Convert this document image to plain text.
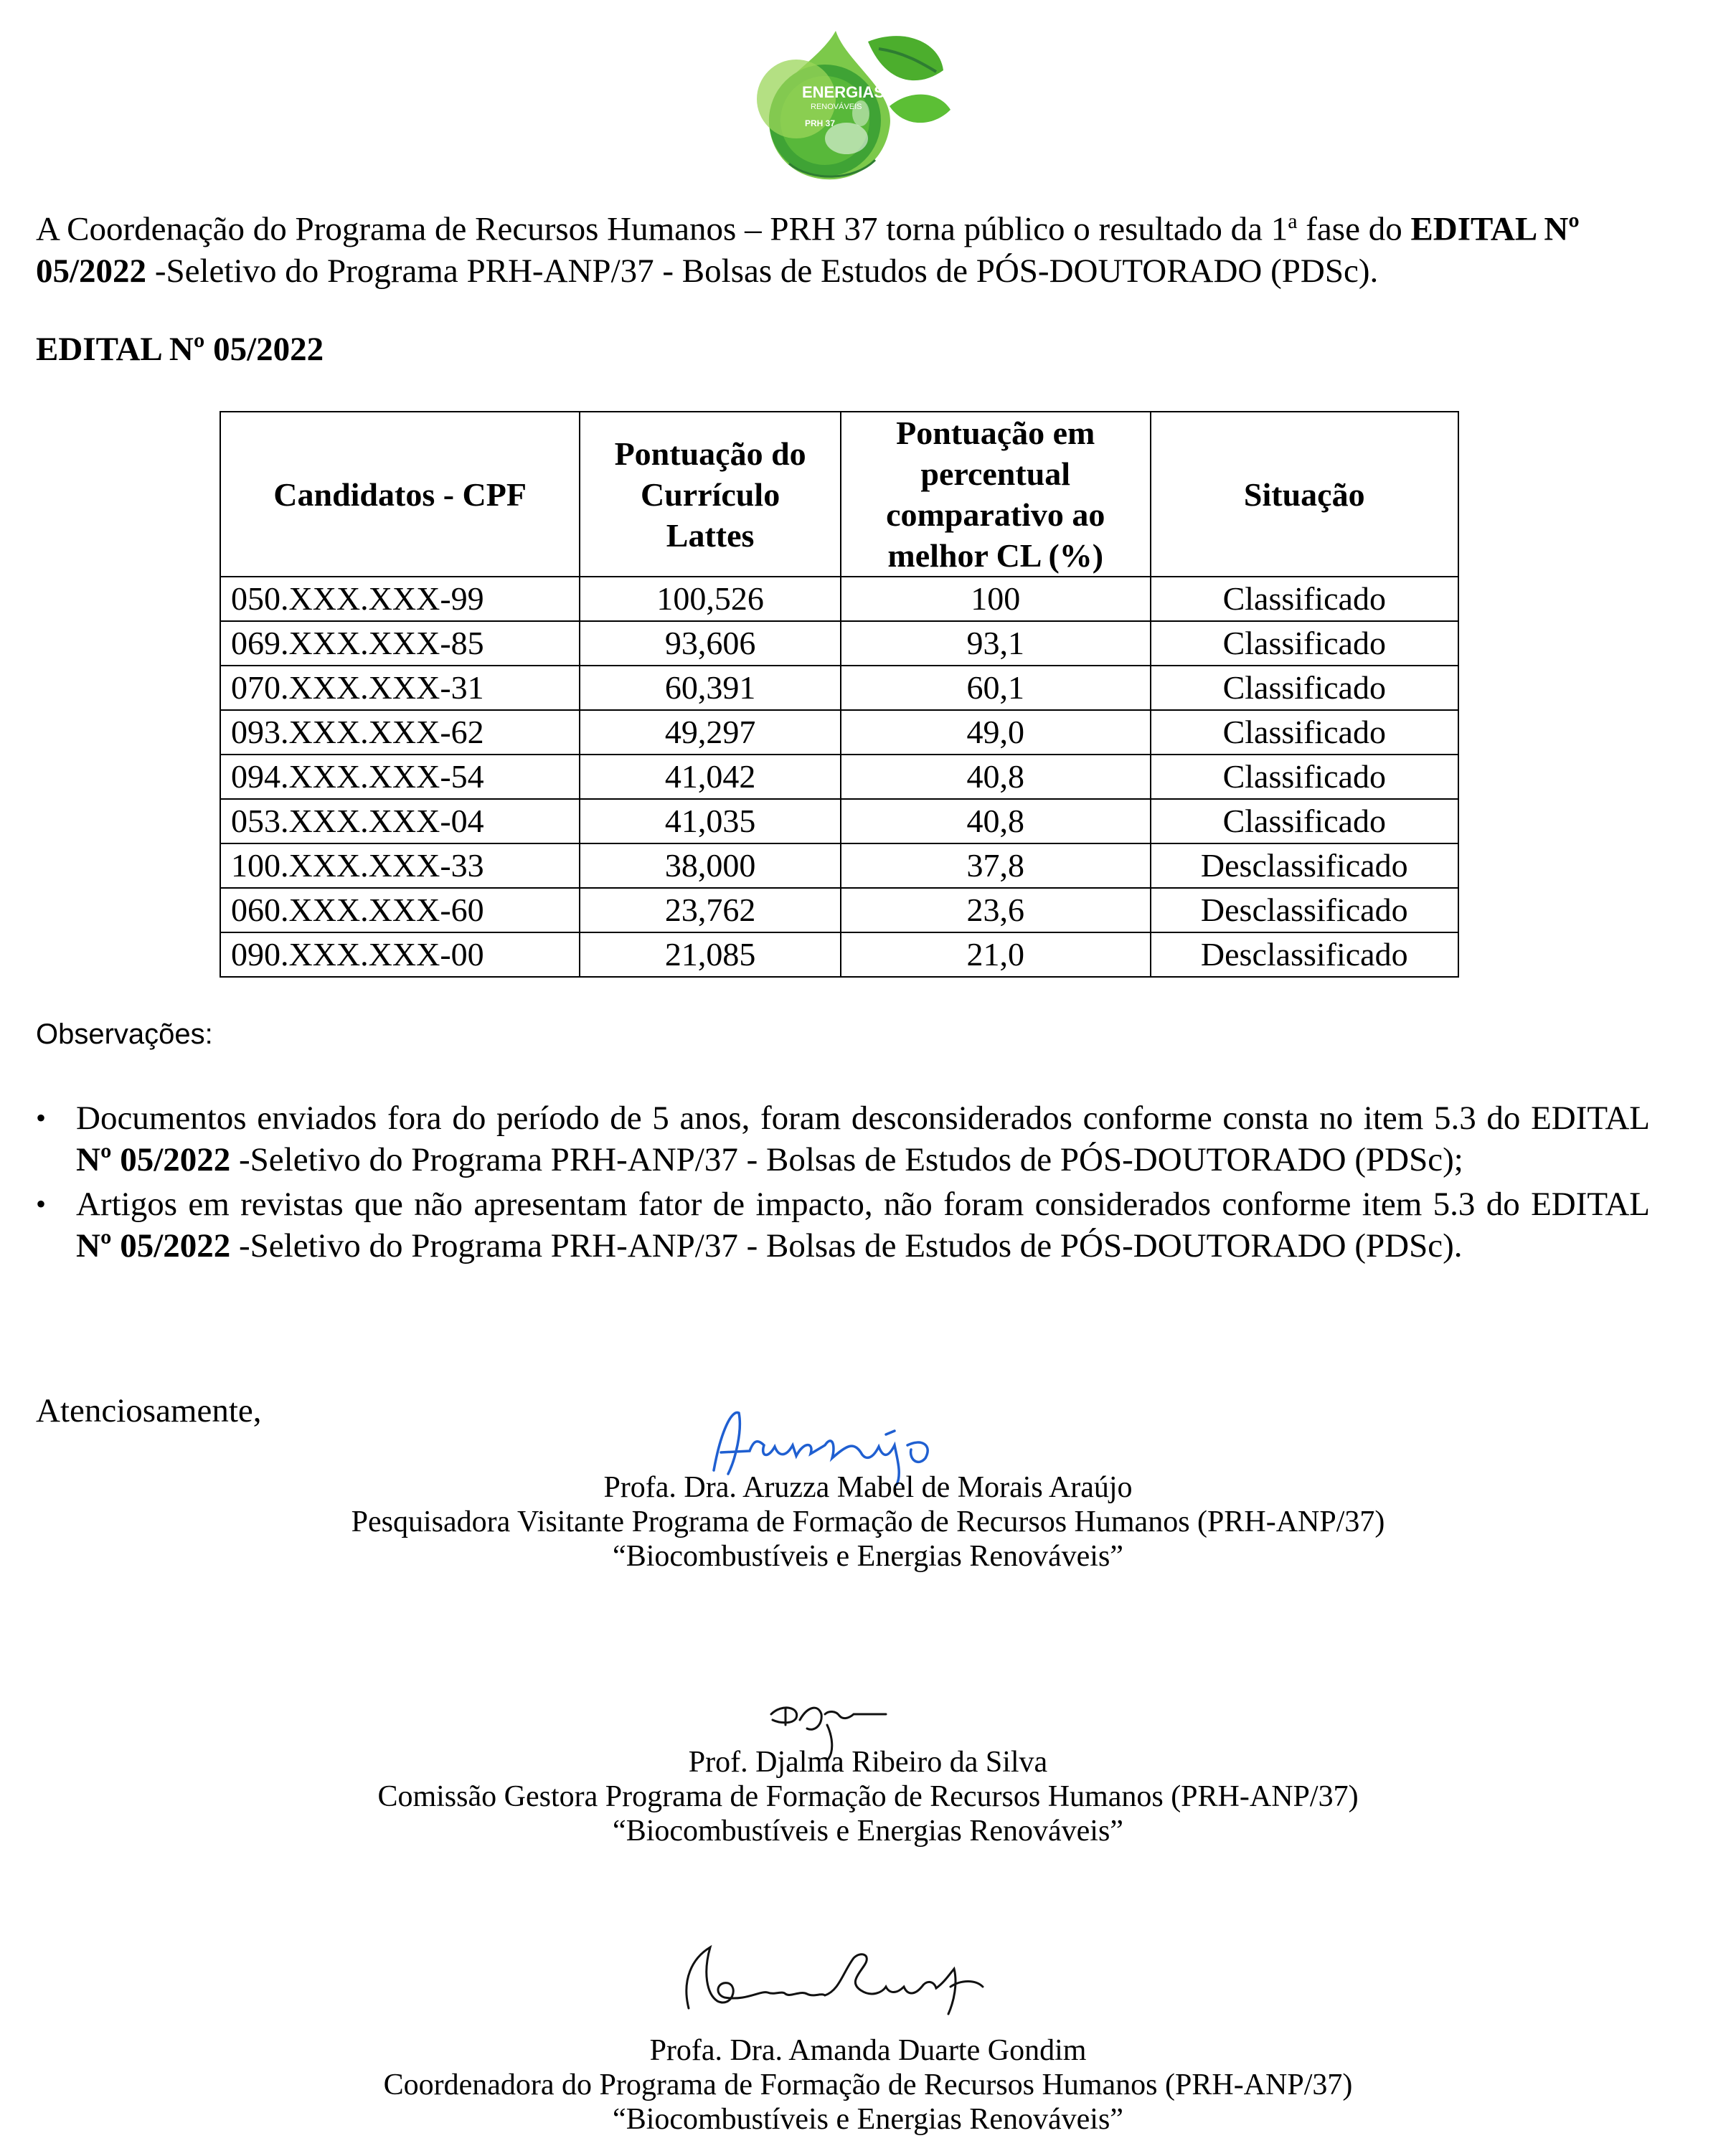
ENERGIAS
RENOVÁVEIS
PRH 37
A Coordenação do Programa de Recursos Humanos – PRH 37 torna público o resultado da 1$^a$ fase do EDITAL Nº 05/2022 -Seletivo do Programa PRH-ANP/37 - Bolsas de Estudos de PÓS-DOUTORADO (PDSc).
EDITAL Nº 05/2022
Candidatos - CPF	Pontuação do Currículo Lattes	Pontuação em percentual comparativo ao melhor CL (%)	Situação
050.XXX.XXX-99	100,526	100	Classificado
069.XXX.XXX-85	93,606	93,1	Classificado
070.XXX.XXX-31	60,391	60,1	Classificado
093.XXX.XXX-62	49,297	49,0	Classificado
094.XXX.XXX-54	41,042	40,8	Classificado
053.XXX.XXX-04	41,035	40,8	Classificado
100.XXX.XXX-33	38,000	37,8	Desclassificado
060.XXX.XXX-60	23,762	23,6	Desclassificado
090.XXX.XXX-00	21,085	21,0	Desclassificado
Observações:
• Documentos enviados fora do período de 5 anos, foram desconsiderados conforme consta no item 5.3 do EDITAL Nº 05/2022 -Seletivo do Programa PRH-ANP/37 - Bolsas de Estudos de PÓS-DOUTORADO (PDSc);
• Artigos em revistas que não apresentam fator de impacto, não foram considerados conforme item 5.3 do EDITAL Nº 05/2022 -Seletivo do Programa PRH-ANP/37 - Bolsas de Estudos de PÓS-DOUTORADO (PDSc).
Atenciosamente,
Profa. Dra. Aruzza Mabel de Morais Araújo
Pesquisadora Visitante Programa de Formação de Recursos Humanos (PRH-ANP/37)
“Biocombustíveis e Energias Renováveis”
Prof. Djalma Ribeiro da Silva
Comissão Gestora Programa de Formação de Recursos Humanos (PRH-ANP/37)
“Biocombustíveis e Energias Renováveis”
Profa. Dra. Amanda Duarte Gondim
Coordenadora do Programa de Formação de Recursos Humanos (PRH-ANP/37)
“Biocombustíveis e Energias Renováveis”
